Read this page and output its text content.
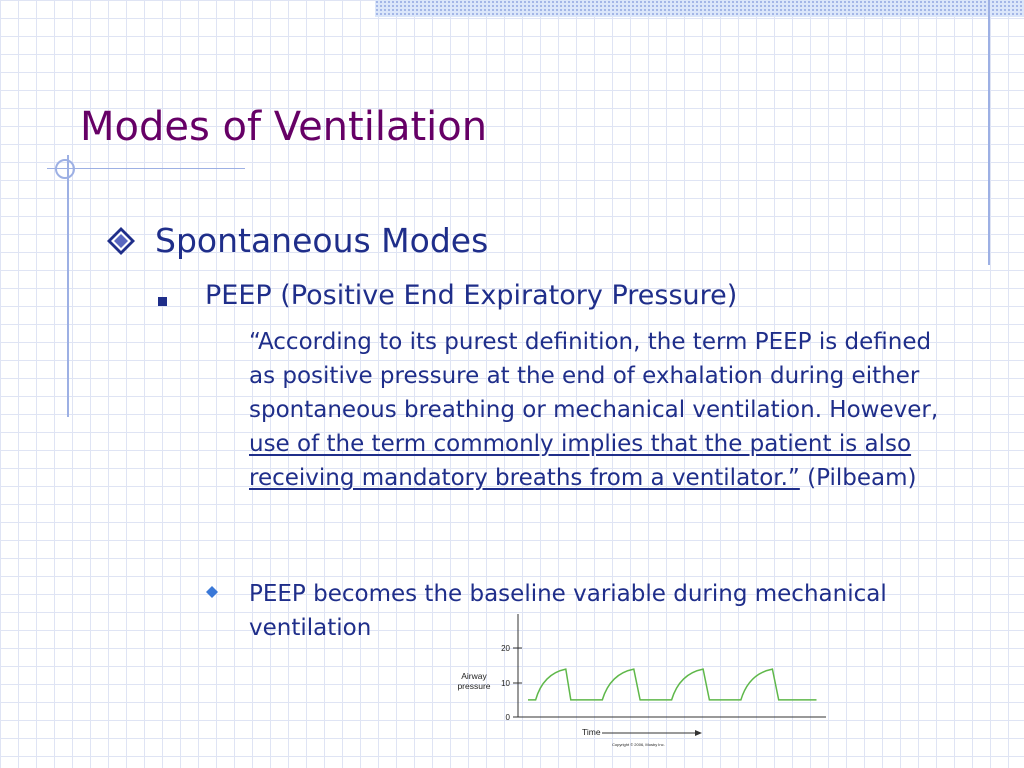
Modes of Ventilation
Spontaneous Modes
PEEP (Positive End Expiratory Pressure)
“According to its purest definition, the term PEEP is defined as positive pressure at the end of exhalation during either spontaneous breathing or mechanical ventilation. However, use of the term commonly implies that the patient is also receiving mandatory breaths from a ventilator.” (Pilbeam)
PEEP becomes the baseline variable during mechanical ventilation
0
10
20
Airway pressure
Time
Copyright © 2006, Mosby Inc.
